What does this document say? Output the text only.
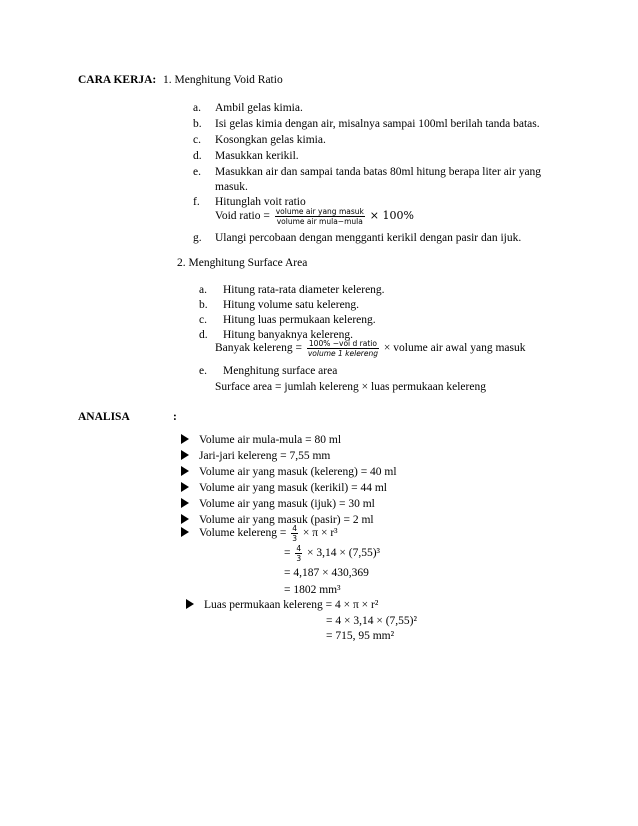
CARA KERJA: 1. Menghitung Void Ratio
a. Ambil gelas kimia.
b. Isi gelas kimia dengan air, misalnya sampai 100ml berilah tanda batas.
c. Kosongkan gelas kimia.
d. Masukkan kerikil.
e. Masukkan air dan sampai tanda batas 80ml hitung berapa liter air yang
masuk.
f. Hitunglah voit ratio
Void ratio = $\frac{\text{volume air yang masuk}}{\text{volume air mula−mula}} \times 100\%$
g. Ulangi percobaan dengan mengganti kerikil dengan pasir dan ijuk.
2. Menghitung Surface Area
a. Hitung rata-rata diameter kelereng.
b. Hitung volume satu kelereng.
c. Hitung luas permukaan kelereng.
d. Hitung banyaknya kelereng.
Banyak kelereng = $\frac{\text{100\% −voi d ratio}}{\text{volume 1 kelereng}}$ × volume air awal yang masuk
e. Menghitung surface area
Surface area = jumlah kelereng × luas permukaan kelereng
ANALISA	:
Volume air mula-mula = 80 ml
Jari-jari kelereng = 7,55 mm
Volume air yang masuk (kelereng) = 40 ml
Volume air yang masuk (kerikil) = 44 ml
Volume air yang masuk (ijuk) = 30 ml
Volume air yang masuk (pasir) = 2 ml
Volume kelereng = $\frac{4}{3} \times \pi \times r^3$
= $\frac{4}{3} \times 3,14 \times (7,55)^3$
= 4,187 × 430,369
= 1802 mm³
Luas permukaan kelereng = 4 × π × r²
= 4 × 3,14 × (7,55)²
= 715, 95 mm²
